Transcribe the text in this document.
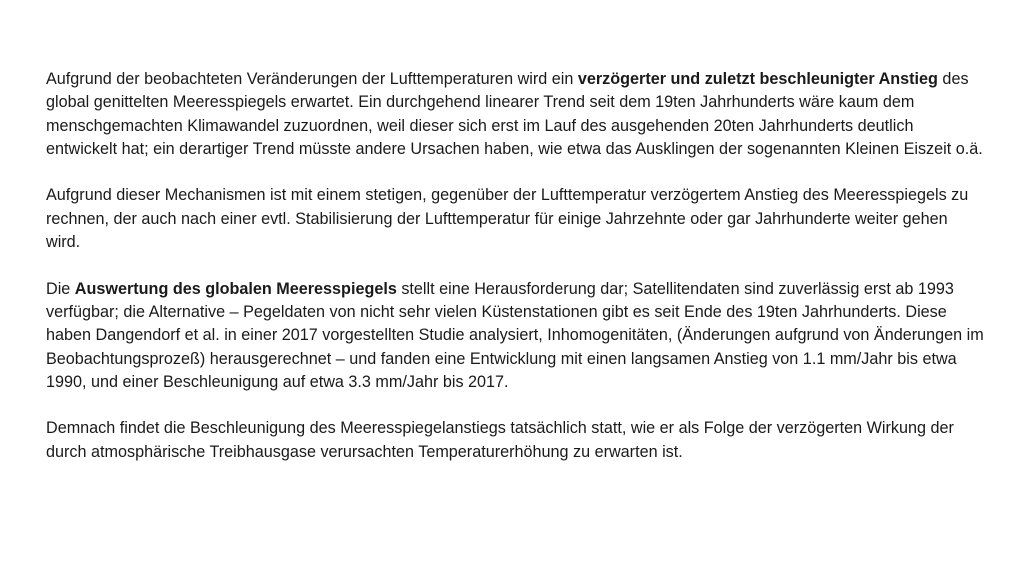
Aufgrund der beobachteten Veränderungen der Lufttemperaturen wird ein verzögerter und zuletzt beschleunigter Anstieg des global genittelten Meeresspiegels erwartet. Ein durchgehend linearer Trend seit dem 19ten Jahrhunderts wäre kaum dem menschgemachten Klimawandel zuzuordnen, weil dieser sich erst im Lauf des ausgehenden 20ten Jahrhunderts deutlich entwickelt hat; ein derartiger Trend müsste andere Ursachen haben, wie etwa das Ausklingen der sogenannten Kleinen Eiszeit o.ä.

Aufgrund dieser Mechanismen ist mit einem stetigen, gegenüber der Lufttemperatur verzögertem Anstieg des Meeresspiegels zu rechnen, der auch nach einer evtl. Stabilisierung der Lufttemperatur für einige Jahrzehnte oder gar Jahrhunderte weiter gehen wird.

Die Auswertung des globalen Meeresspiegels stellt eine Herausforderung dar; Satellitendaten sind zuverlässig erst ab 1993 verfügbar; die Alternative – Pegeldaten von nicht sehr vielen Küstenstationen gibt es seit Ende des 19ten Jahrhunderts. Diese haben Dangendorf et al. in einer 2017 vorgestellten Studie analysiert, Inhomogenitäten, (Änderungen aufgrund von Änderungen im Beobachtungsprozeß) herausgerechnet – und fanden eine Entwicklung mit einen langsamen Anstieg von 1.1 mm/Jahr bis etwa 1990, und einer Beschleunigung auf etwa 3.3 mm/Jahr bis 2017.

Demnach findet die Beschleunigung des Meeresspiegelanstiegs tatsächlich statt, wie er als Folge der verzögerten Wirkung der durch atmosphärische Treibhausgase verursachten Temperaturerhöhung zu erwarten ist.
